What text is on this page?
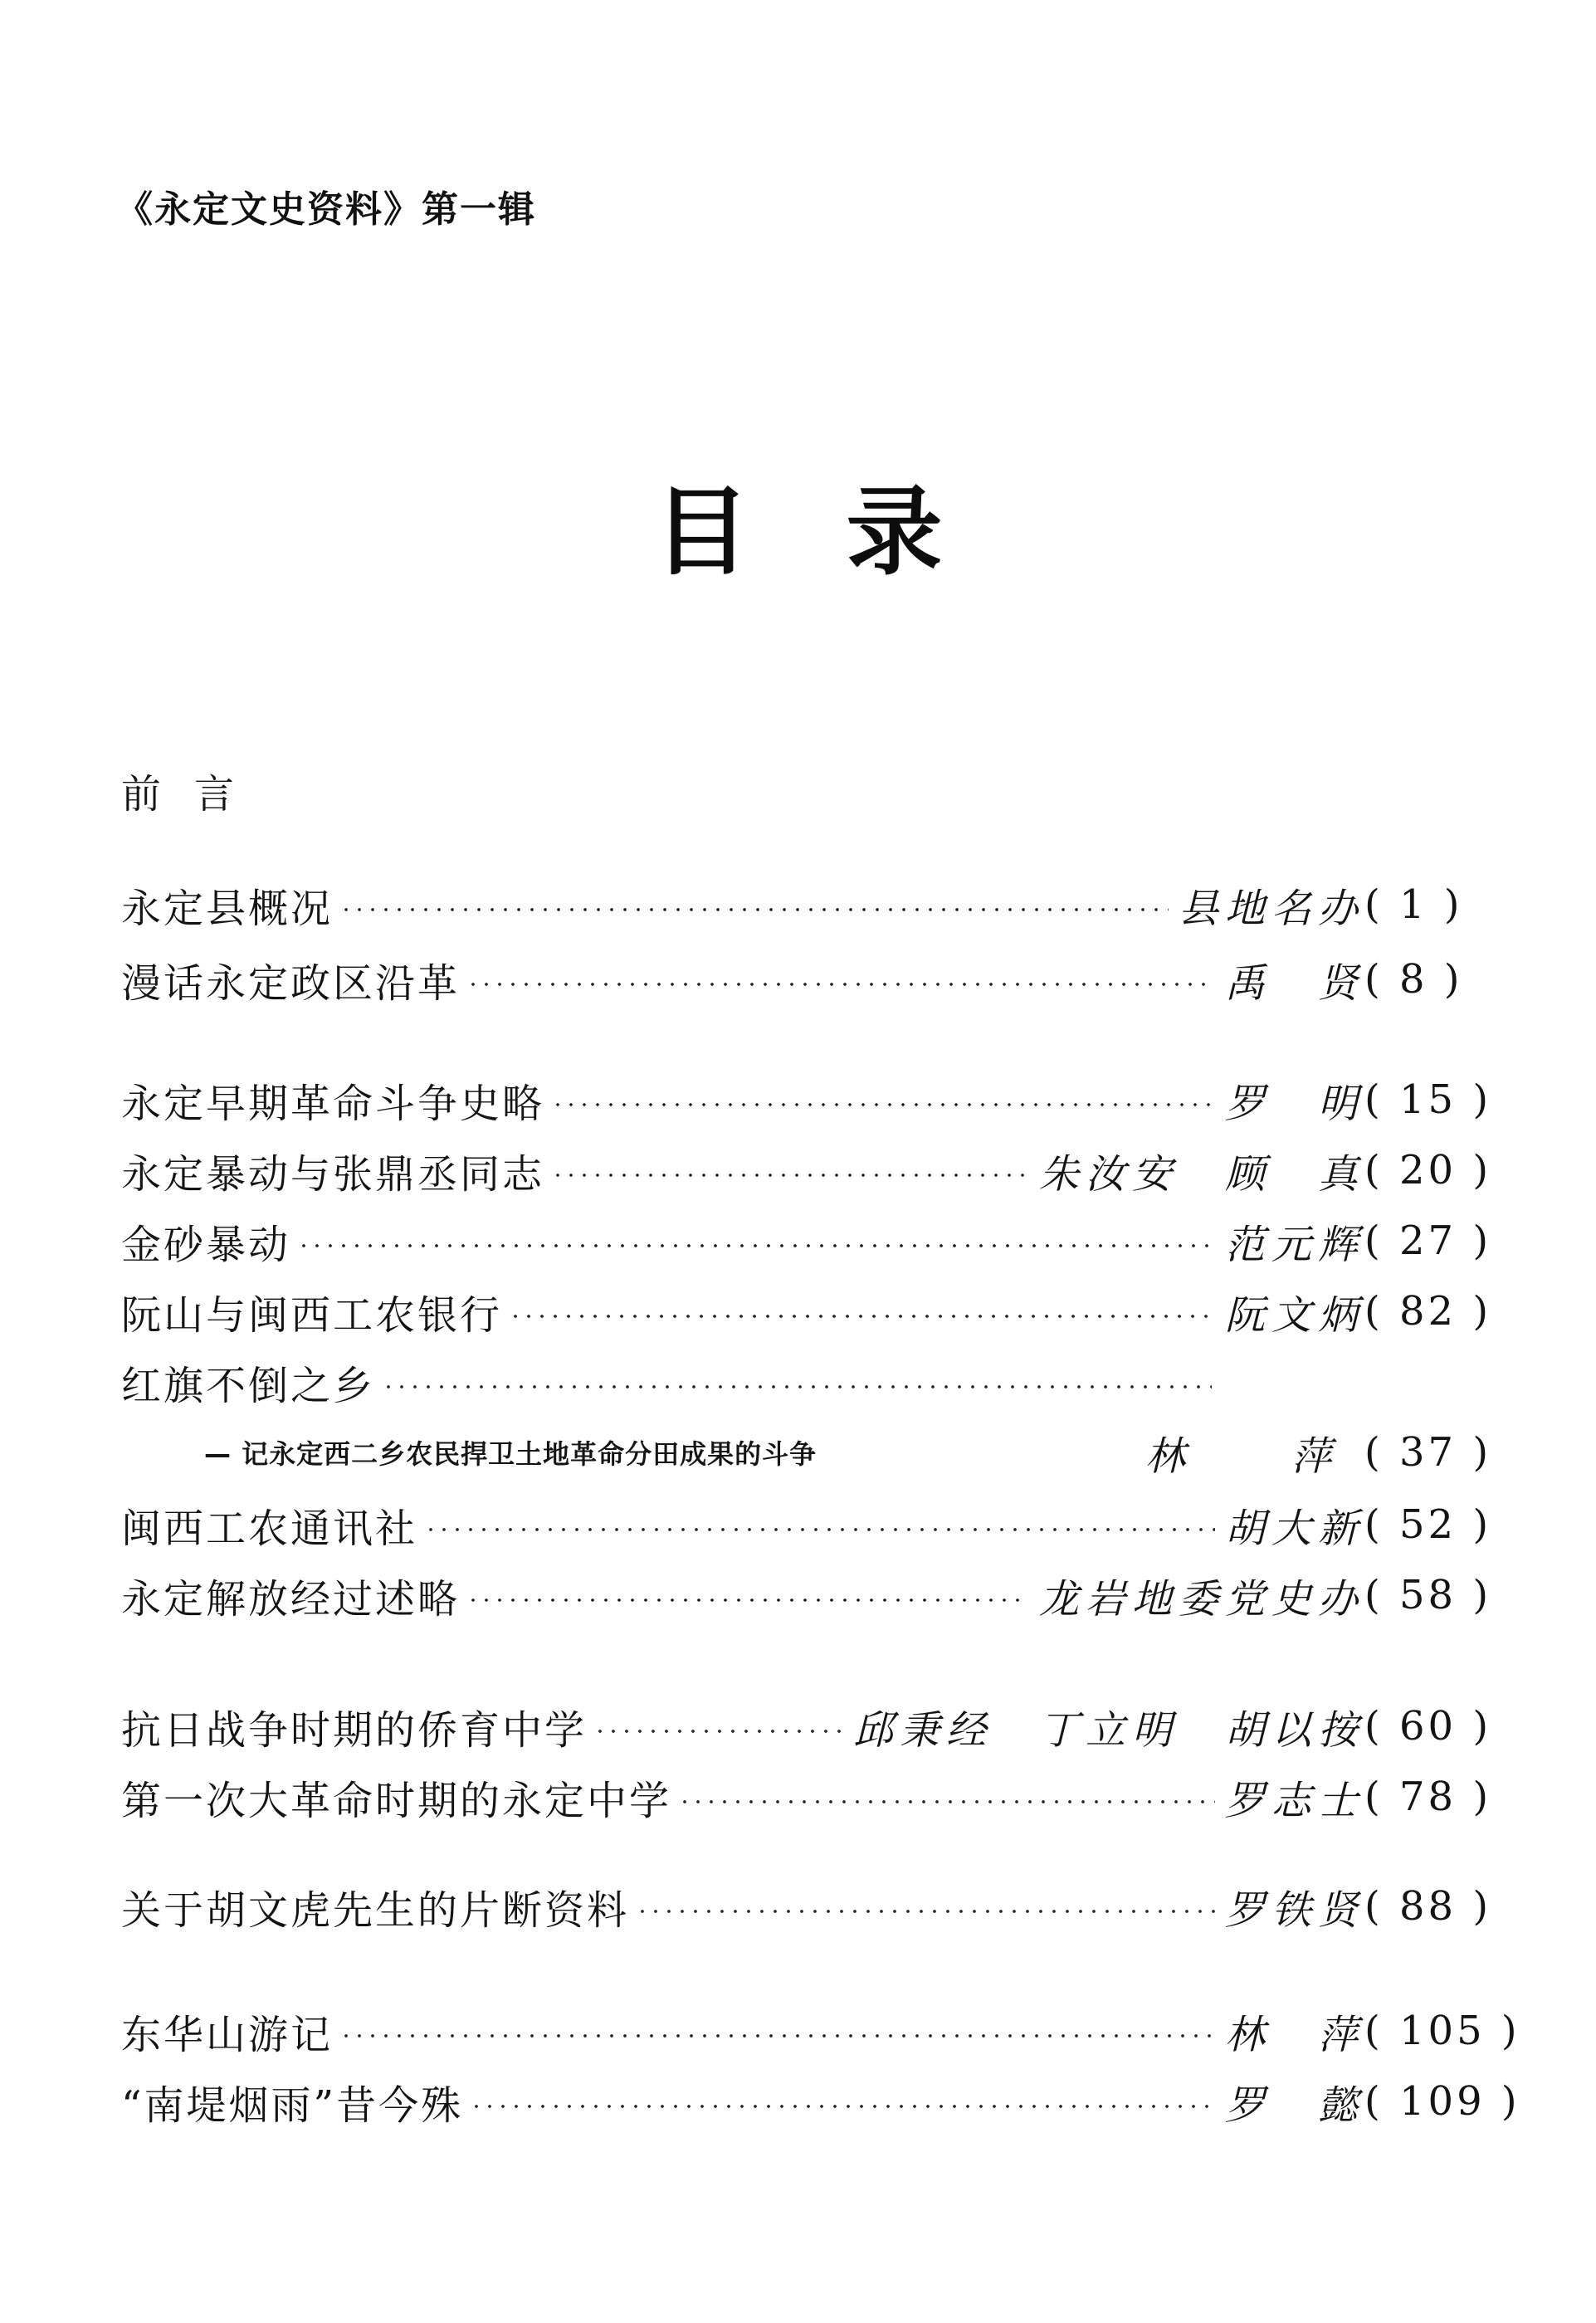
《永定文史资料》第一辑
目　录
前言
永定县概况	县地名办 ( 1 )
漫话永定政区沿革	禹　贤 ( 8 )
永定早期革命斗争史略	罗　明 ( 15 )
永定暴动与张鼎丞同志	朱汝安　顾　真 ( 20 )
金砂暴动	范元辉 ( 27 )
阮山与闽西工农银行	阮文炳 ( 82 )
红旗不倒之乡
— 记永定西二乡农民捍卫土地革命分田成果的斗争	林　萍 ( 37 )
闽西工农通讯社	胡大新 ( 52 )
永定解放经过述略	龙岩地委党史办 ( 58 )
抗日战争时期的侨育中学	邱秉经　丁立明　胡以按 ( 60 )
第一次大革命时期的永定中学	罗志士 ( 78 )
关于胡文虎先生的片断资料	罗铁贤 ( 88 )
东华山游记	林　萍 ( 105 )
“南堤烟雨”昔今殊	罗　懿 ( 109 )
